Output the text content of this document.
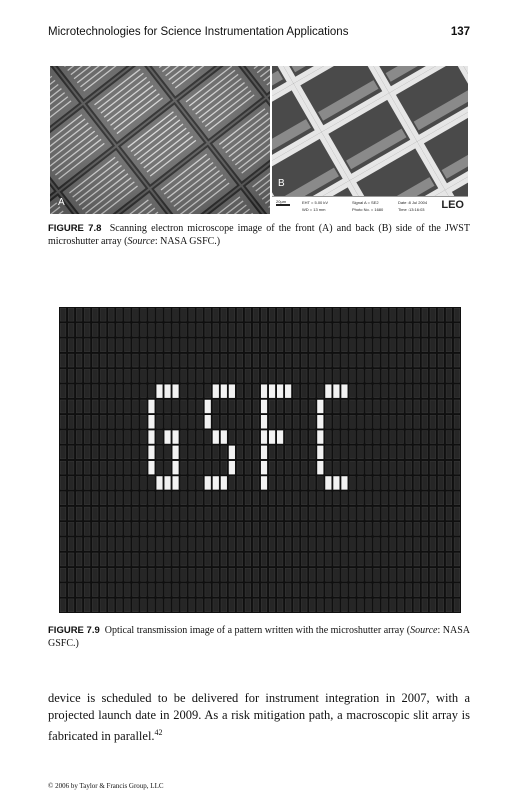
Microtechnologies for Science Instrumentation Applications	137
A
B
20µm	EHT = 5.00 kV
WD = 13 mm
Signal A = SE2
Photo No. = 1680
Date :8 Jul 2004
Time :13:16:03 LEO

FIGURE 7.8 Scanning electron microscope image of the front (A) and back (B) side of the JWST microshutter array (Source: NASA GSFC.)

FIGURE 7.9 Optical transmission image of a pattern written with the microshutter array (Source: NASA GSFC.)

device is scheduled to be delivered for instrument integration in 2007, with a projected launch date in 2009. As a risk mitigation path, a macroscopic slit array is fabricated in parallel.$^{42}$

© 2006 by Taylor & Francis Group, LLC
